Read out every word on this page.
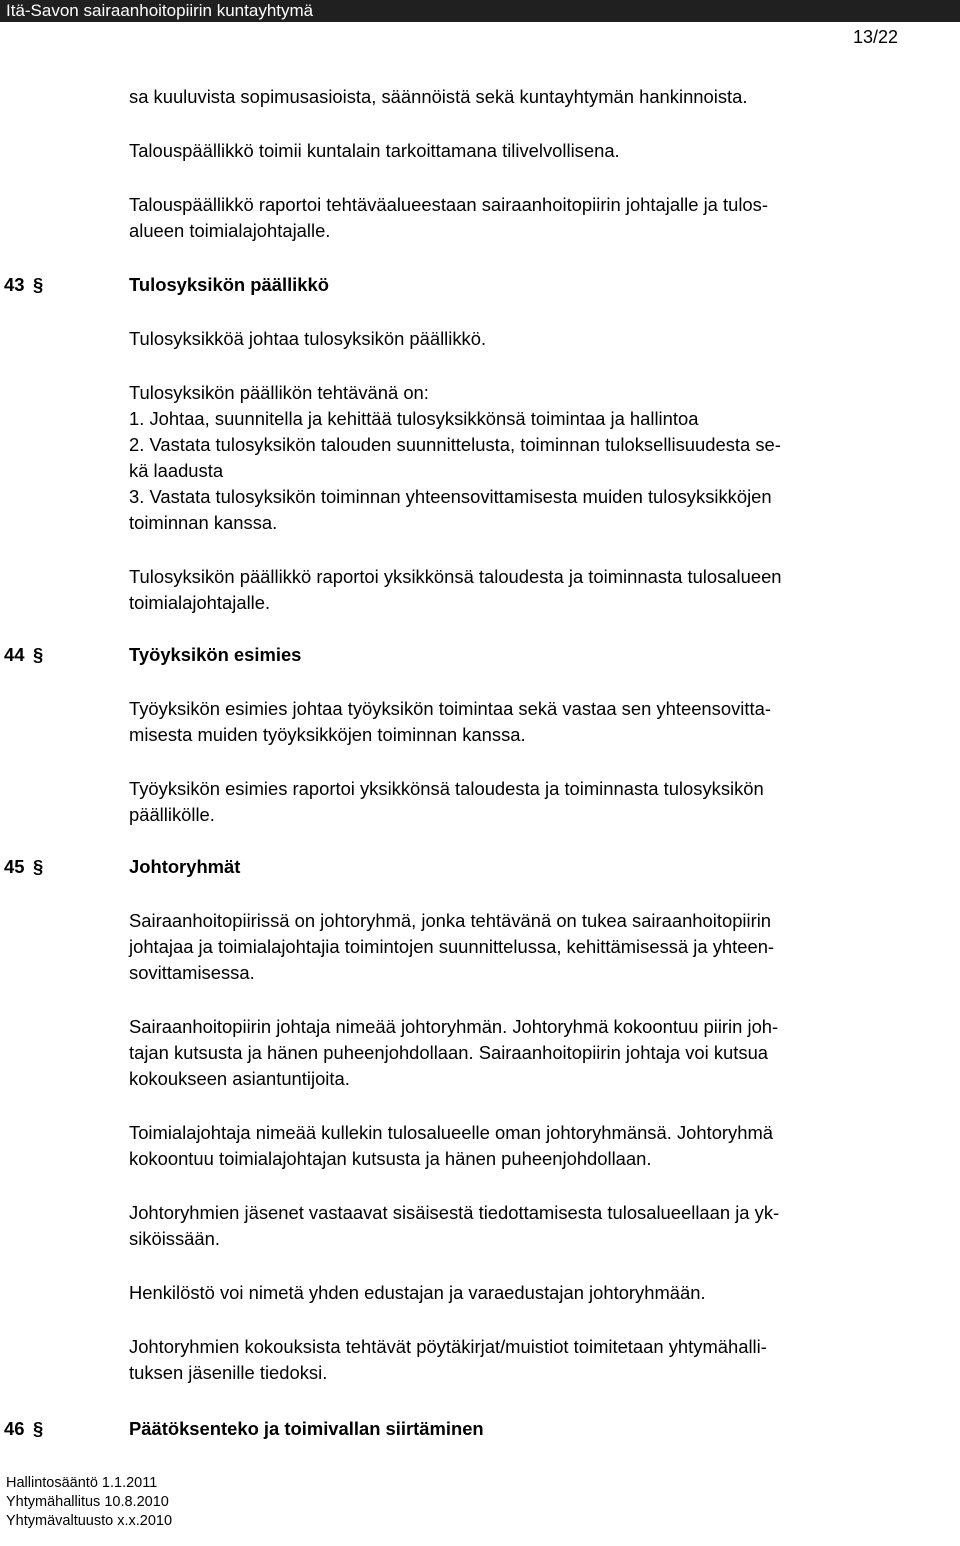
Itä-Savon sairaanhoitopiirin kuntayhtymä
13/22

sa kuuluvista sopimusasioista, säännöistä sekä kuntayhtymän hankinnoista.

Talouspäällikkö toimii kuntalain tarkoittamana tilivelvollisena.

Talouspäällikkö raportoi tehtäväalueestaan sairaanhoitopiirin johtajalle ja tulos-

alueen toimialajohtajalle.

43 §	Tulosyksikön päällikkö

Tulosyksikköä johtaa tulosyksikön päällikkö.

Tulosyksikön päällikön tehtävänä on:

1. Johtaa, suunnitella ja kehittää tulosyksikkönsä toimintaa ja hallintoa

2. Vastata tulosyksikön talouden suunnittelusta, toiminnan tuloksellisuudesta se-

kä laadusta

3. Vastata tulosyksikön toiminnan yhteensovittamisesta muiden tulosyksikköjen

toiminnan kanssa.

Tulosyksikön päällikkö raportoi yksikkönsä taloudesta ja toiminnasta tulosalueen

toimialajohtajalle.

44 §	Työyksikön esimies

Työyksikön esimies johtaa työyksikön toimintaa sekä vastaa sen yhteensovitta-

misesta muiden työyksikköjen toiminnan kanssa.

Työyksikön esimies raportoi yksikkönsä taloudesta ja toiminnasta tulosyksikön

päällikölle.

45 §	Johtoryhmät

Sairaanhoitopiirissä on johtoryhmä, jonka tehtävänä on tukea sairaanhoitopiirin

johtajaa ja toimialajohtajia toimintojen suunnittelussa, kehittämisessä ja yhteen-

sovittamisessa.

Sairaanhoitopiirin johtaja nimeää johtoryhmän. Johtoryhmä kokoontuu piirin joh-

tajan kutsusta ja hänen puheenjohdollaan. Sairaanhoitopiirin johtaja voi kutsua

kokoukseen asiantuntijoita.

Toimialajohtaja nimeää kullekin tulosalueelle oman johtoryhmänsä. Johtoryhmä

kokoontuu toimialajohtajan kutsusta ja hänen puheenjohdollaan.

Johtoryhmien jäsenet vastaavat sisäisestä tiedottamisesta tulosalueellaan ja yk-

siköissään.

Henkilöstö voi nimetä yhden edustajan ja varaedustajan johtoryhmään.

Johtoryhmien kokouksista tehtävät pöytäkirjat/muistiot toimitetaan yhtymähalli-

tuksen jäsenille tiedoksi.

46 §	Päätöksenteko ja toimivallan siirtäminen
Hallintosääntö 1.1.2011
Yhtymähallitus 10.8.2010
Yhtymävaltuusto x.x.2010
